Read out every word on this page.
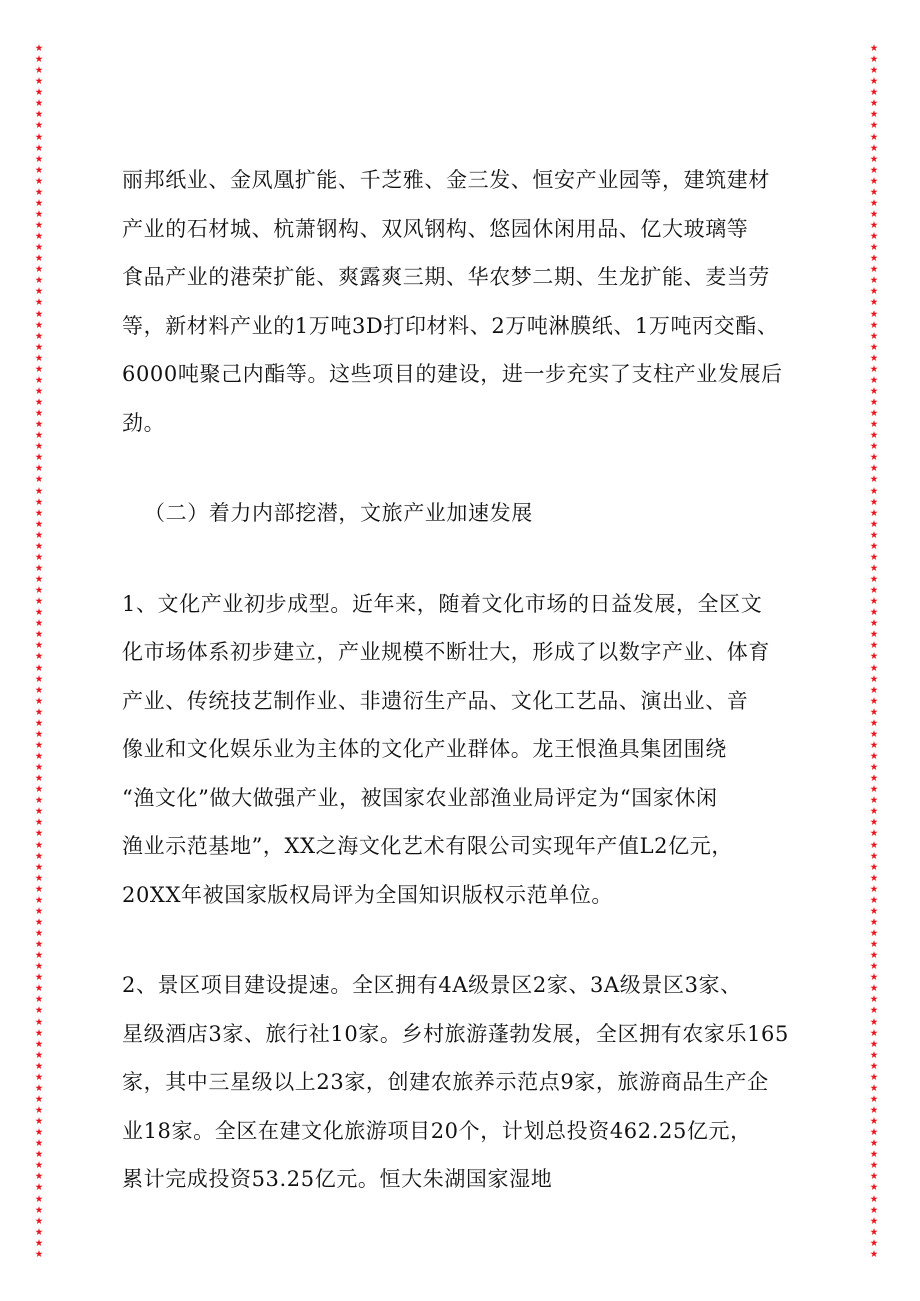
★
★
★
★
★
★
★
★
★
★
★
★
★
★
★
★
★
★
★
★
★
★
★
★
★
★
★
★
★
★
★
★
★
★
★
★
★
★
★
★
★
★
★
★
★
★
★
★
★
★
★
★
★
★
★
★
★
★
★
★
★
★
★
★
★
★
★
★
★
★
★
★
★
★
★
★
★
★
★
★
★
★
★
★
★
★
★
★
★
★
★
★
★
★
★
★
★
★
★
★
★
★
★
★
★
★
★
★
★
★
★
★
★
★
★
★
★
★
★
★
★
★
★
★
★
★
★
★
★
★
★
★
★
★
★
★
★
★
★
★
★
★
★
★
★
★
★
★
★
★
★
★
★
★
★
★
★
★
★
★
★
★
★
★
★
★
★
★
★
★
★
★
★
★
★
★
★
★
★
★
★
★
★
★
★
★
★
★
★
★
★
★
★
★
★
★
★
★
★
★
★
★
★
★
★
★
★
★
★
★
★
★
★
★
★
★
★
★
★
★

丽邦纸业、金凤凰扩能、千芝雅、金三发、恒安产业园等，建筑建材
产业的石材城、杭萧钢构、双风钢构、悠园休闲用品、亿大玻璃等
食品产业的港荣扩能、爽露爽三期、华农梦二期、生龙扩能、麦当劳
等，新材料产业的1万吨3D打印材料、2万吨淋膜纸、1万吨丙交酯、
6000吨聚己内酯等。这些项目的建设，进一步充实了支柱产业发展后
劲。

（二）着力内部挖潜，文旅产业加速发展

1、文化产业初步成型。近年来，随着文化市场的日益发展，全区文
化市场体系初步建立，产业规模不断壮大，形成了以数字产业、体育
产业、传统技艺制作业、非遗衍生产品、文化工艺品、演出业、音
像业和文化娱乐业为主体的文化产业群体。龙王恨渔具集团围绕
“渔文化”做大做强产业，被国家农业部渔业局评定为“国家休闲
渔业示范基地”，XX之海文化艺术有限公司实现年产值L2亿元，
20XX年被国家版权局评为全国知识版权示范单位。

2、景区项目建设提速。全区拥有4A级景区2家、3A级景区3家、
星级酒店3家、旅行社10家。乡村旅游蓬勃发展，全区拥有农家乐165
家，其中三星级以上23家，创建农旅养示范点9家，旅游商品生产企
业18家。全区在建文化旅游项目20个，计划总投资462.25亿元，
累计完成投资53.25亿元。恒大朱湖国家湿地
